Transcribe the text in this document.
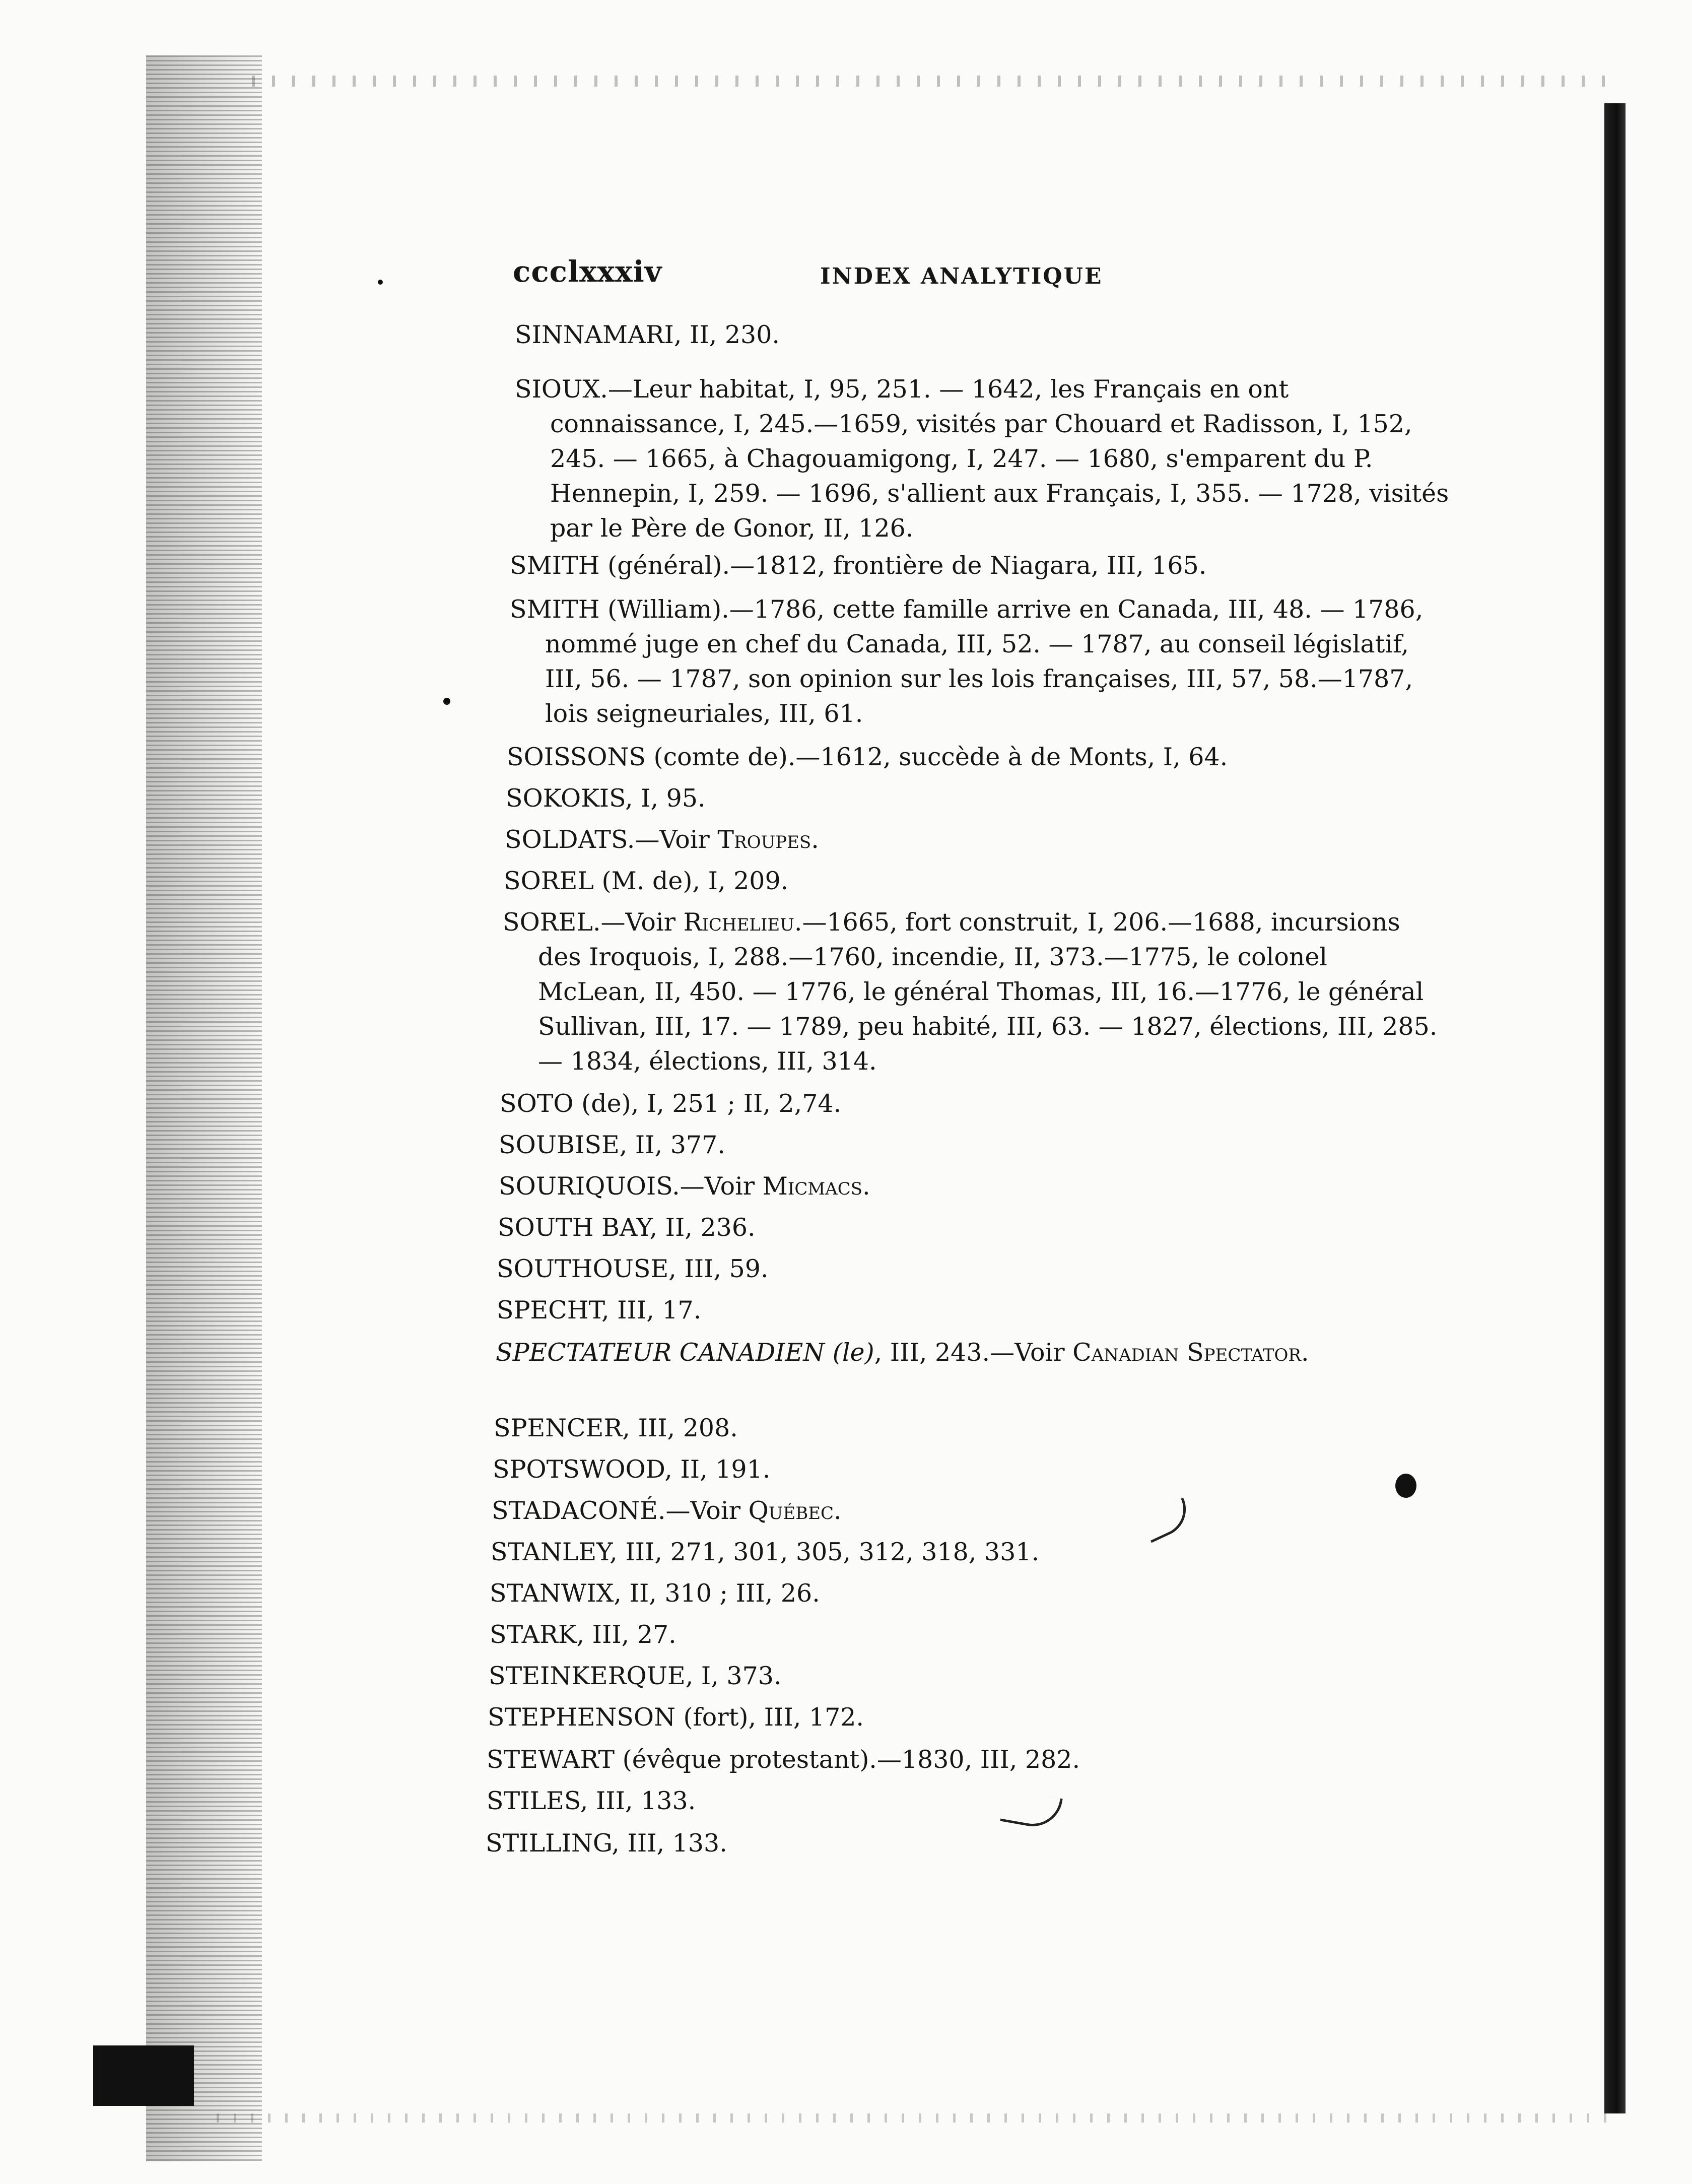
ccclxxxiv	INDEX ANALYTIQUE
SINNAMARI, II, 230.
SIOUX.—Leur habitat, I, 95, 251. — 1642, les Français en ont connaissance, I, 245.—1659, visités par Chouard et Radisson, I, 152, 245. — 1665, à Chagouamigong, I, 247. — 1680, s'emparent du P. Hennepin, I, 259. — 1696, s'allient aux Français, I, 355. — 1728, visités par le Père de Gonor, II, 126.
SMITH (général).—1812, frontière de Niagara, III, 165.
SMITH (William).—1786, cette famille arrive en Canada, III, 48. — 1786, nommé juge en chef du Canada, III, 52. — 1787, au conseil législatif, III, 56. — 1787, son opinion sur les lois françaises, III, 57, 58.—1787, lois seigneuriales, III, 61.
SOISSONS (comte de).—1612, succède à de Monts, I, 64.
SOKOKIS, I, 95.
SOLDATS.—Voir Troupes.
SOREL (M. de), I, 209.
SOREL.—Voir Richelieu.—1665, fort construit, I, 206.—1688, incursions des Iroquois, I, 288.—1760, incendie, II, 373.—1775, le colonel McLean, II, 450. — 1776, le général Thomas, III, 16.—1776, le général Sullivan, III, 17. — 1789, peu habité, III, 63. — 1827, élections, III, 285. — 1834, élections, III, 314.
SOTO (de), I, 251 ; II, 2,74.
SOUBISE, II, 377.
SOURIQUOIS.—Voir Micmacs.
SOUTH BAY, II, 236.
SOUTHOUSE, III, 59.
SPECHT, III, 17.
SPECTATEUR CANADIEN (le), III, 243.—Voir Canadian Spectator.
SPENCER, III, 208.
SPOTSWOOD, II, 191.
STADACONÉ.—Voir Québec.
STANLEY, III, 271, 301, 305, 312, 318, 331.
STANWIX, II, 310 ; III, 26.
STARK, III, 27.
STEINKERQUE, I, 373.
STEPHENSON (fort), III, 172.
STEWART (évêque protestant).—1830, III, 282.
STILES, III, 133.
STILLING, III, 133.
